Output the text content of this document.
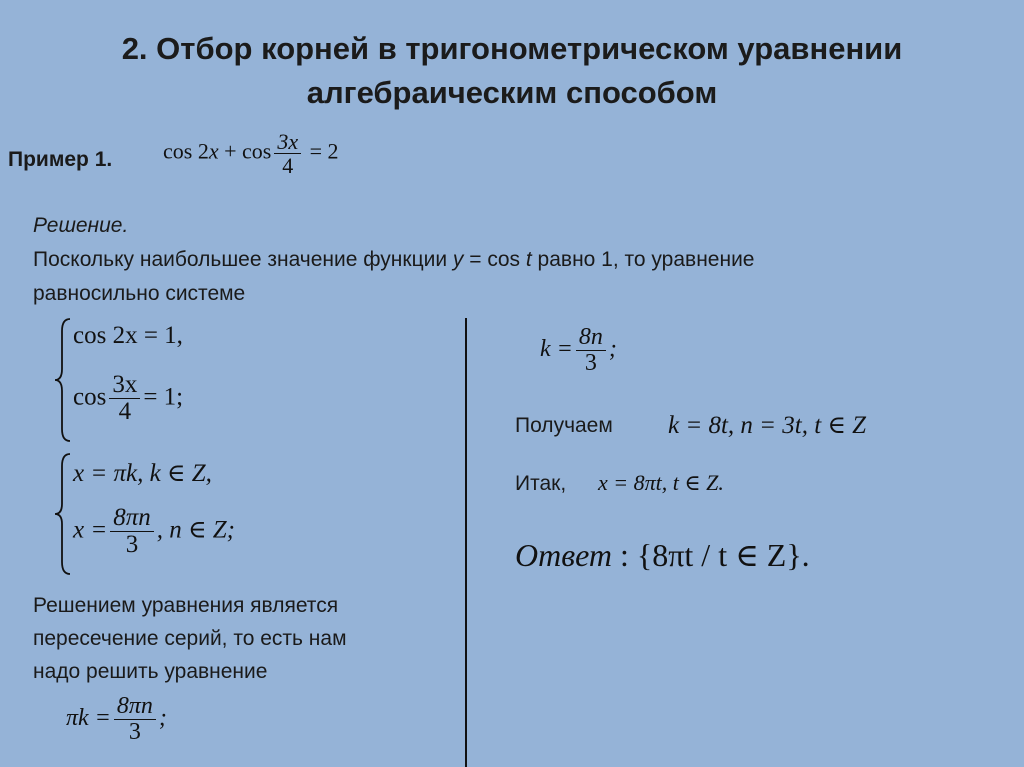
2. Отбор корней в тригонометрическом уравнении
алгебраическим способом
Пример 1. $\cos 2x + \cos \frac{3x}{4} = 2$
Решение.
Поскольку наибольшее значение функции y = cos t равно 1, то уравнение
равносильно системе
cos 2x = 1,
$\cos \frac{3x}{4} = 1$;
x = πk, k ∈ Z,
$x = \frac{8\pi n}{3}$ , n ∈ Z;
Решением уравнения является
пересечение серий, то есть нам
надо решить уравнение
$\pi k = \frac{8\pi n}{3}$ ;
$k = \frac{8n}{3}$ ;
Получаем k = 8t, n = 3t, t ∈ Z
Итак, x = 8πt, t ∈ Z.
Ответ : {8πt / t ∈ Z}.
